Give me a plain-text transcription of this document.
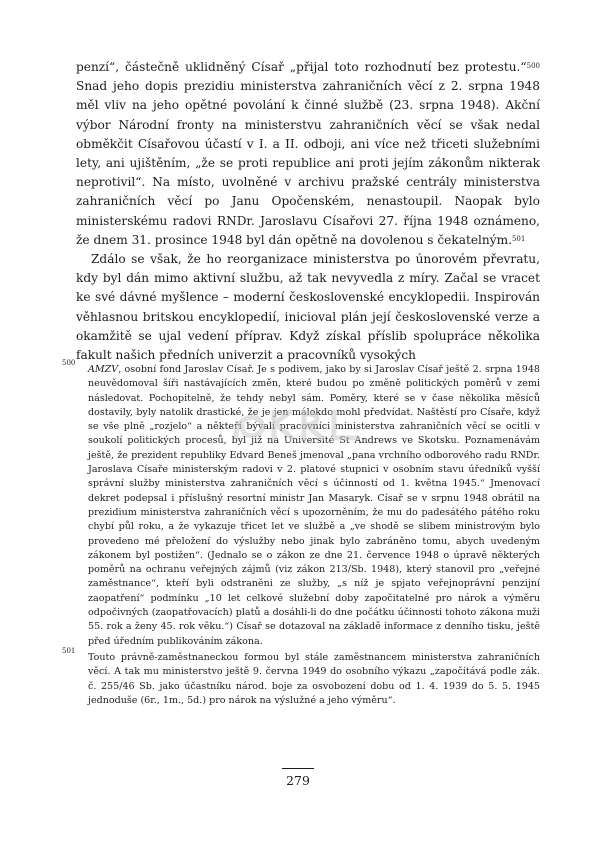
penzí“, částečně uklidněný Císař „přijal toto rozhodnutí bez protestu.“$^{500}$ Snad jeho dopis prezidiu ministerstva zahraničních věcí z 2. srpna 1948 měl vliv na jeho opětné povolání k činné službě (23. srpna 1948). Akční výbor Národní fronty na ministerstvu zahraničních věcí se však nedal obměkčit Císařovou účastí v I. a II. odboji, ani více než třiceti služebními lety, ani ujištěním, „že se proti republice ani proti jejím zákonům nikterak neprotivil“. Na místo, uvolněné v archivu pražské centrály ministerstva zahraničních věcí po Janu Opočenském, nenastoupil. Naopak bylo ministerskému radovi RNDr. Jaroslavu Císařovi 27. října 1948 oznámeno, že dnem 31. prosince 1948 byl dán opětně na dovolenou s čekatelným.$^{501}$

Zdálo se však, že ho reorganizace ministerstva po únorovém převratu, kdy byl dán mimo aktivní službu, až tak nevyvedla z míry. Začal se vracet ke své dávné myšlence – moderní československé encyklopedii. Inspirován věhlasnou britskou encyklopedií, inicioval plán její československé verze a okamžitě se ujal vedení příprav. Když získal příslib spolupráce několika fakult našich předních univerzit a pracovníků vysokých

500
AMZV, osobní fond Jaroslav Císař. Je s podivem, jako by si Jaroslav Císař ještě 2. srpna 1948 neuvědomoval šíři nastávajících změn, které budou po změně politických poměrů v zemi následovat. Pochopitelně, že tehdy nebyl sám. Poměry, které se v čase několika měsíců dostavily, byly natolik drastické, že je jen málokdo mohl předvídat. Naštěstí pro Císaře, když se vše plně „rozjelo“ a někteří bývalí pracovníci ministerstva zahraničních věcí se ocitli v soukolí politických procesů, byl již na Université St Andrews ve Skotsku. Poznamenávám ještě, že prezident republiky Edvard Beneš jmenoval „pana vrchního odborového radu RNDr. Jaroslava Císaře ministerským radovi v 2. platové stupnici v osobním stavu úředníků vyšší správní služby ministerstva zahraničních věcí s účinností od 1. května 1945.“ Jmenovací dekret podepsal i příslušný resortní ministr Jan Masaryk. Císař se v srpnu 1948 obrátil na prezidium ministerstva zahraničních věcí s upozorněním, že mu do padesátého pátého roku chybí půl roku, a že vykazuje třicet let ve službě a „ve shodě se slibem ministrovým bylo provedeno mé přeložení do výslužby nebo jinak bylo zabráněno tomu, abych uvedeným zákonem byl postižen“. (Jednalo se o zákon ze dne 21. července 1948 o úpravě některých poměrů na ochranu veřejných zájmů (viz zákon 213/Sb. 1948), který stanovil pro „veřejné zaměstnance“, kteří byli odstraněni ze služby, „s níž je spjato veřejnoprávní penzijní zaopatření“ podmínku „10 let celkové služební doby započitatelné pro nárok a výměru odpočivných (zaopatřovacích) platů a dosáhli-li do dne počátku účinnosti tohoto zákona muži 55. rok a ženy 45. rok věku.“) Císař se dotazoval na základě informace z denního tisku, ještě před úředním publikováním zákona.
501
Touto právně-zaměstnaneckou formou byl stále zaměstnancem ministerstva zahraničních věcí. A tak mu ministerstvo ještě 9. června 1949 do osobního výkazu „započítává podle zák. č. 255/46 Sb. jako účastníku národ. boje za osvobození dobu od 1. 4. 1939 do 5. 5. 1945 jednoduše (6r., 1m., 5d.) pro nárok na výslužné a jeho výměru“.
279
